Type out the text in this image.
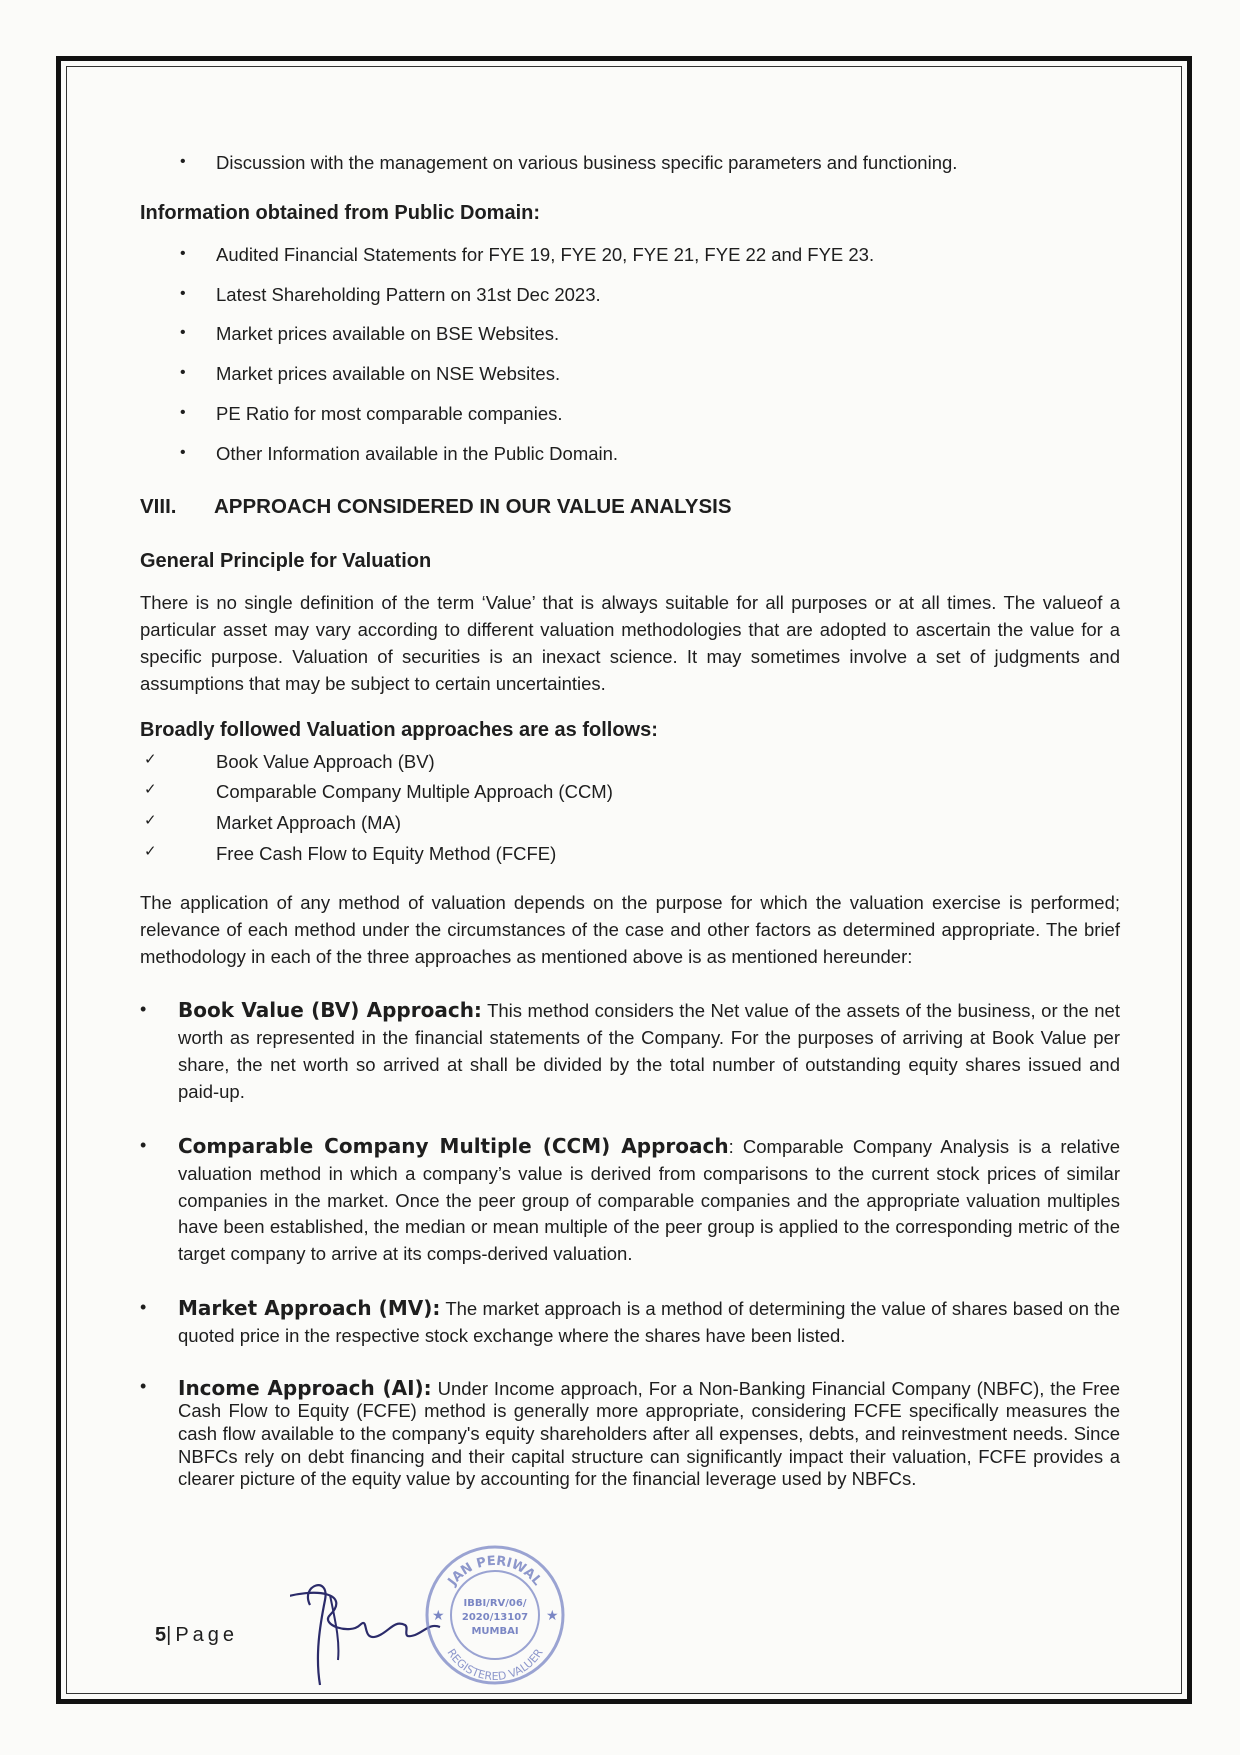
• Discussion with the management on various business specific parameters and functioning.
Information obtained from Public Domain:
• Audited Financial Statements for FYE 19, FYE 20, FYE 21, FYE 22 and FYE 23.
• Latest Shareholding Pattern on 31st Dec 2023.
• Market prices available on BSE Websites.
• Market prices available on NSE Websites.
• PE Ratio for most comparable companies.
• Other Information available in the Public Domain.
VIII.	APPROACH CONSIDERED IN OUR VALUE ANALYSIS
General Principle for Valuation

There is no single definition of the term ‘Value’ that is always suitable for all purposes or at all times. The valueof a particular asset may vary according to different valuation methodologies that are adopted to ascertain the value for a specific purpose. Valuation of securities is an inexact science. It may sometimes involve a set of judgments and assumptions that may be subject to certain uncertainties.

Broadly followed Valuation approaches are as follows:
✓	Book Value Approach (BV)
✓	Comparable Company Multiple Approach (CCM)
✓	Market Approach (MA)
✓	Free Cash Flow to Equity Method (FCFE)

The application of any method of valuation depends on the purpose for which the valuation exercise is performed; relevance of each method under the circumstances of the case and other factors as determined appropriate. The brief methodology in each of the three approaches as mentioned above is as mentioned hereunder:

• Book Value (BV) Approach: This method considers the Net value of the assets of the business, or the net worth as represented in the financial statements of the Company. For the purposes of arriving at Book Value per share, the net worth so arrived at shall be divided by the total number of outstanding equity shares issued and paid-up.
• Comparable Company Multiple (CCM) Approach: Comparable Company Analysis is a relative valuation method in which a company’s value is derived from comparisons to the current stock prices of similar companies in the market. Once the peer group of comparable companies and the appropriate valuation multiples have been established, the median or mean multiple of the peer group is applied to the corresponding metric of the target company to arrive at its comps-derived valuation.
• Market Approach (MV): The market approach is a method of determining the value of shares based on the quoted price in the respective stock exchange where the shares have been listed.
• Income Approach (AI): Under Income approach, For a Non-Banking Financial Company (NBFC), the Free Cash Flow to Equity (FCFE) method is generally more appropriate, considering FCFE specifically measures the cash flow available to the company's equity shareholders after all expenses, debts, and reinvestment needs. Since NBFCs rely on debt financing and their capital structure can significantly impact their valuation, FCFE provides a clearer picture of the equity value by accounting for the financial leverage used by NBFCs.
5|Page
JAN PERIWAL
REGISTERED VALUER
IBBI/RV/06/
2020/13107
MUMBAI
★
★
